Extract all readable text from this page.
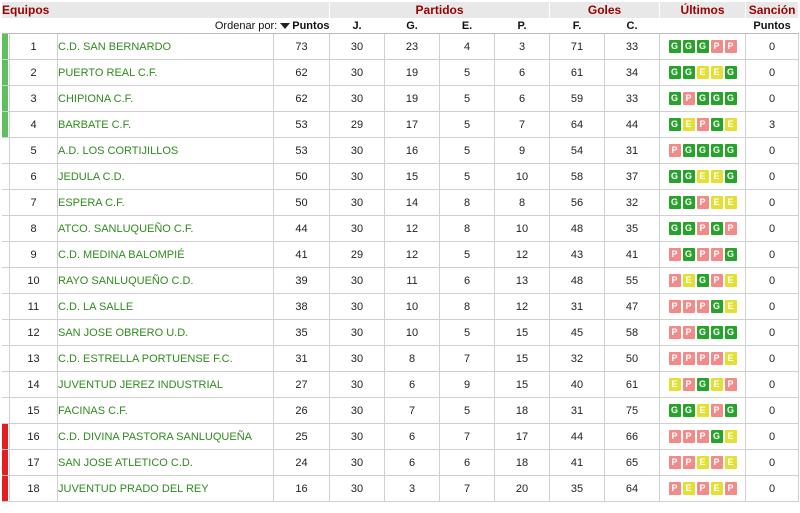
Equipos				Partidos				Goles		Últimos	Sanción
Ordenar por: Puntos				J.	G.	E.	P.	F.	C.		Puntos

	1	C.D. SAN BERNARDO	73	30	23	4	3	71	33	G G G P P	0

	2	PUERTO REAL C.F.	62	30	19	5	6	61	34	G G E E G	0

	3	CHIPIONA C.F.	62	30	19	5	6	59	33	G P G G G	0

	4	BARBATE C.F.	53	29	17	5	7	64	44	G E P G E	3

	5	A.D. LOS CORTIJILLOS	53	30	16	5	9	54	31	P G G G G	0

	6	JEDULA C.D.	50	30	15	5	10	58	37	G G E E G	0

	7	ESPERA C.F.	50	30	14	8	8	56	32	G G P E E	0

	8	ATCO. SANLUQUEÑO C.F.	44	30	12	8	10	48	35	G G P G P	0

	9	C.D. MEDINA BALOMPIÉ	41	29	12	5	12	43	41	P G P P G	0

	10	RAYO SANLUQUEÑO C.D.	39	30	11	6	13	48	55	P E G P E	0

	11	C.D. LA SALLE	38	30	10	8	12	31	47	P P P G E	0

	12	SAN JOSE OBRERO U.D.	35	30	10	5	15	45	58	P P G G G	0

	13	C.D. ESTRELLA PORTUENSE F.C.	31	30	8	7	15	32	50	P P P P E	0

	14	JUVENTUD JEREZ INDUSTRIAL	27	30	6	9	15	40	61	E P G E P	0

	15	FACINAS C.F.	26	30	7	5	18	31	75	G G E P G	0

	16	C.D. DIVINA PASTORA SANLUQUEÑA	25	30	6	7	17	44	66	P P P G E	0

	17	SAN JOSE ATLETICO C.D.	24	30	6	6	18	41	65	P P E P E	0

	18	JUVENTUD PRADO DEL REY	16	30	3	7	20	35	64	P E P E P	0
